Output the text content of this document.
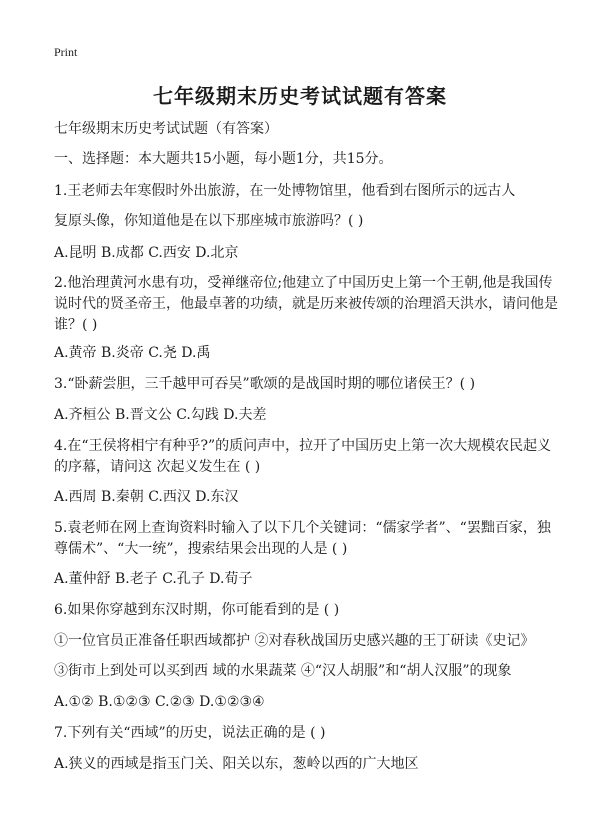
Print
七年级期末历史考试试题有答案
七年级期末历史考试试题（有答案）
一、选择题：本大题共15小题，每小题1分，共15分。
1.王老师去年寒假时外出旅游，在一处博物馆里，他看到右图所示的远古人
复原头像，你知道他是在以下那座城市旅游吗？( )
A.昆明 B.成都 C.西安 D.北京
2.他治理黄河水患有功，受禅继帝位;他建立了中国历史上第一个王朝,他是我国传
说时代的贤圣帝王，他最卓著的功绩，就是历来被传颂的治理滔天洪水，请问他是
谁？( )
A.黄帝 B.炎帝 C.尧 D.禹
3.“卧薪尝胆，三千越甲可吞吴”歌颂的是战国时期的哪位诸侯王？( )
A.齐桓公 B.晋文公 C.勾践 D.夫差
4.在“王侯将相宁有种乎?”的质问声中，拉开了中国历史上第一次大规模农民起义
的序幕，请问这 次起义发生在 ( )
A.西周 B.秦朝 C.西汉 D.东汉
5.袁老师在网上查询资料时输入了以下几个关键词：“儒家学者”、“罢黜百家，独
尊儒术”、“大一统”，搜索结果会出现的人是 ( )
A.董仲舒 B.老子 C.孔子 D.荀子
6.如果你穿越到东汉时期，你可能看到的是 ( )
①一位官员正准备任职西域都护 ②对春秋战国历史感兴趣的王丁研读《史记》
③街市上到处可以买到西 域的水果蔬菜 ④“汉人胡服”和“胡人汉服”的现象
A.①② B.①②③ C.②③ D.①②③④
7.下列有关“西域”的历史，说法正确的是 ( )
A.狭义的西域是指玉门关、阳关以东，葱岭以西的广大地区
